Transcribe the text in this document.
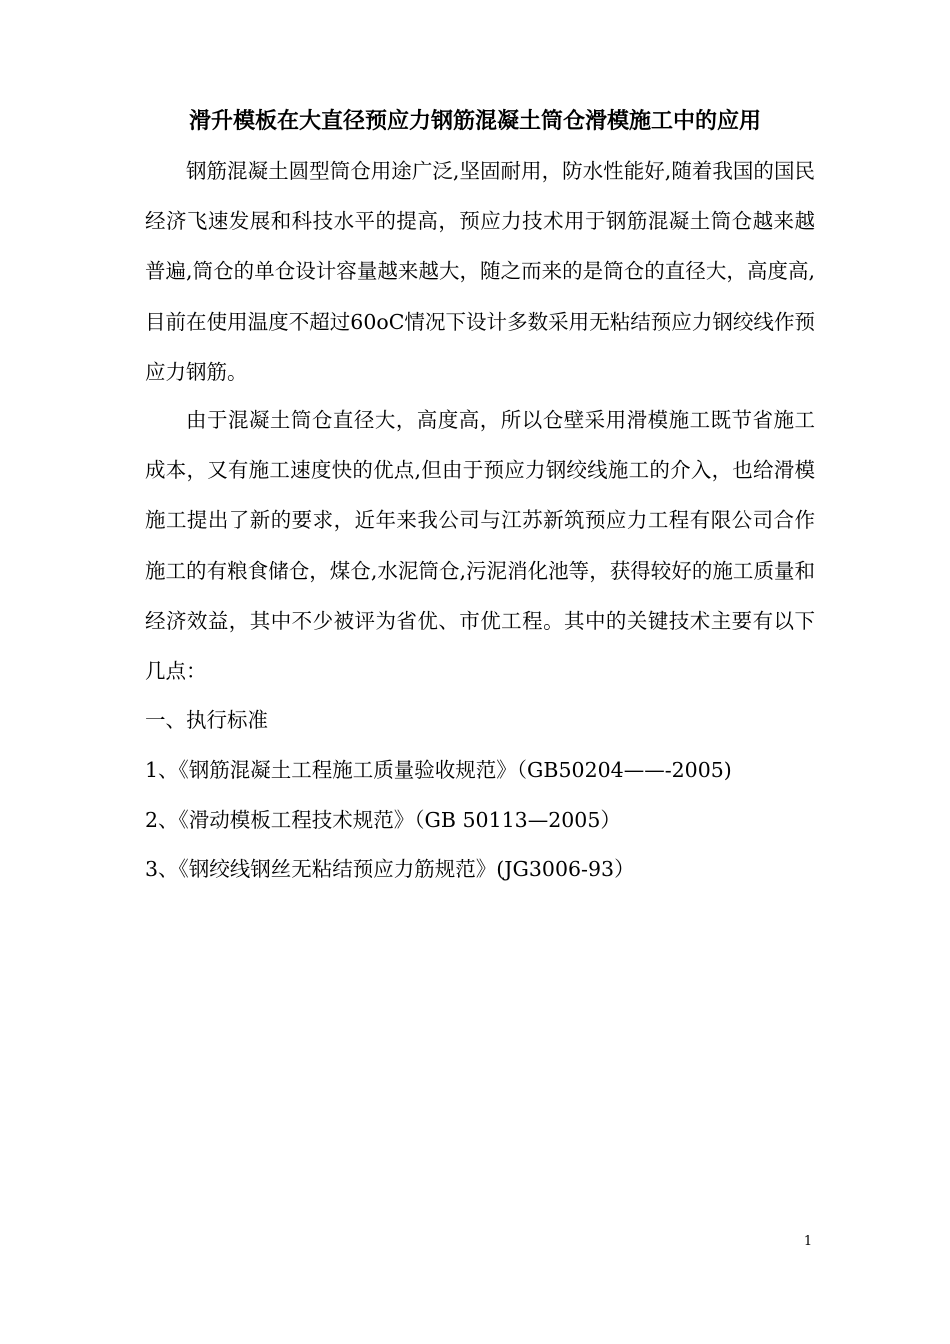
滑升模板在大直径预应力钢筋混凝土筒仓滑模施工中的应用

钢筋混凝土圆型筒仓用途广泛,坚固耐用，防水性能好,随着我国的国民经济飞速发展和科技水平的提高，预应力技术用于钢筋混凝土筒仓越来越普遍,筒仓的单仓设计容量越来越大，随之而来的是筒仓的直径大，高度高,目前在使用温度不超过60oC情况下设计多数采用无粘结预应力钢绞线作预应力钢筋。

由于混凝土筒仓直径大，高度高，所以仓壁采用滑模施工既节省施工成本，又有施工速度快的优点,但由于预应力钢绞线施工的介入，也给滑模施工提出了新的要求，近年来我公司与江苏新筑预应力工程有限公司合作施工的有粮食储仓，煤仓,水泥筒仓,污泥消化池等，获得较好的施工质量和经济效益，其中不少被评为省优、市优工程。其中的关键技术主要有以下几点：

一、执行标准
1、《钢筋混凝土工程施工质量验收规范》（GB50204——-2005)
2、《滑动模板工程技术规范》（GB 50113—2005）
3、《钢绞线钢丝无粘结预应力筋规范》(JG3006-93）
1
